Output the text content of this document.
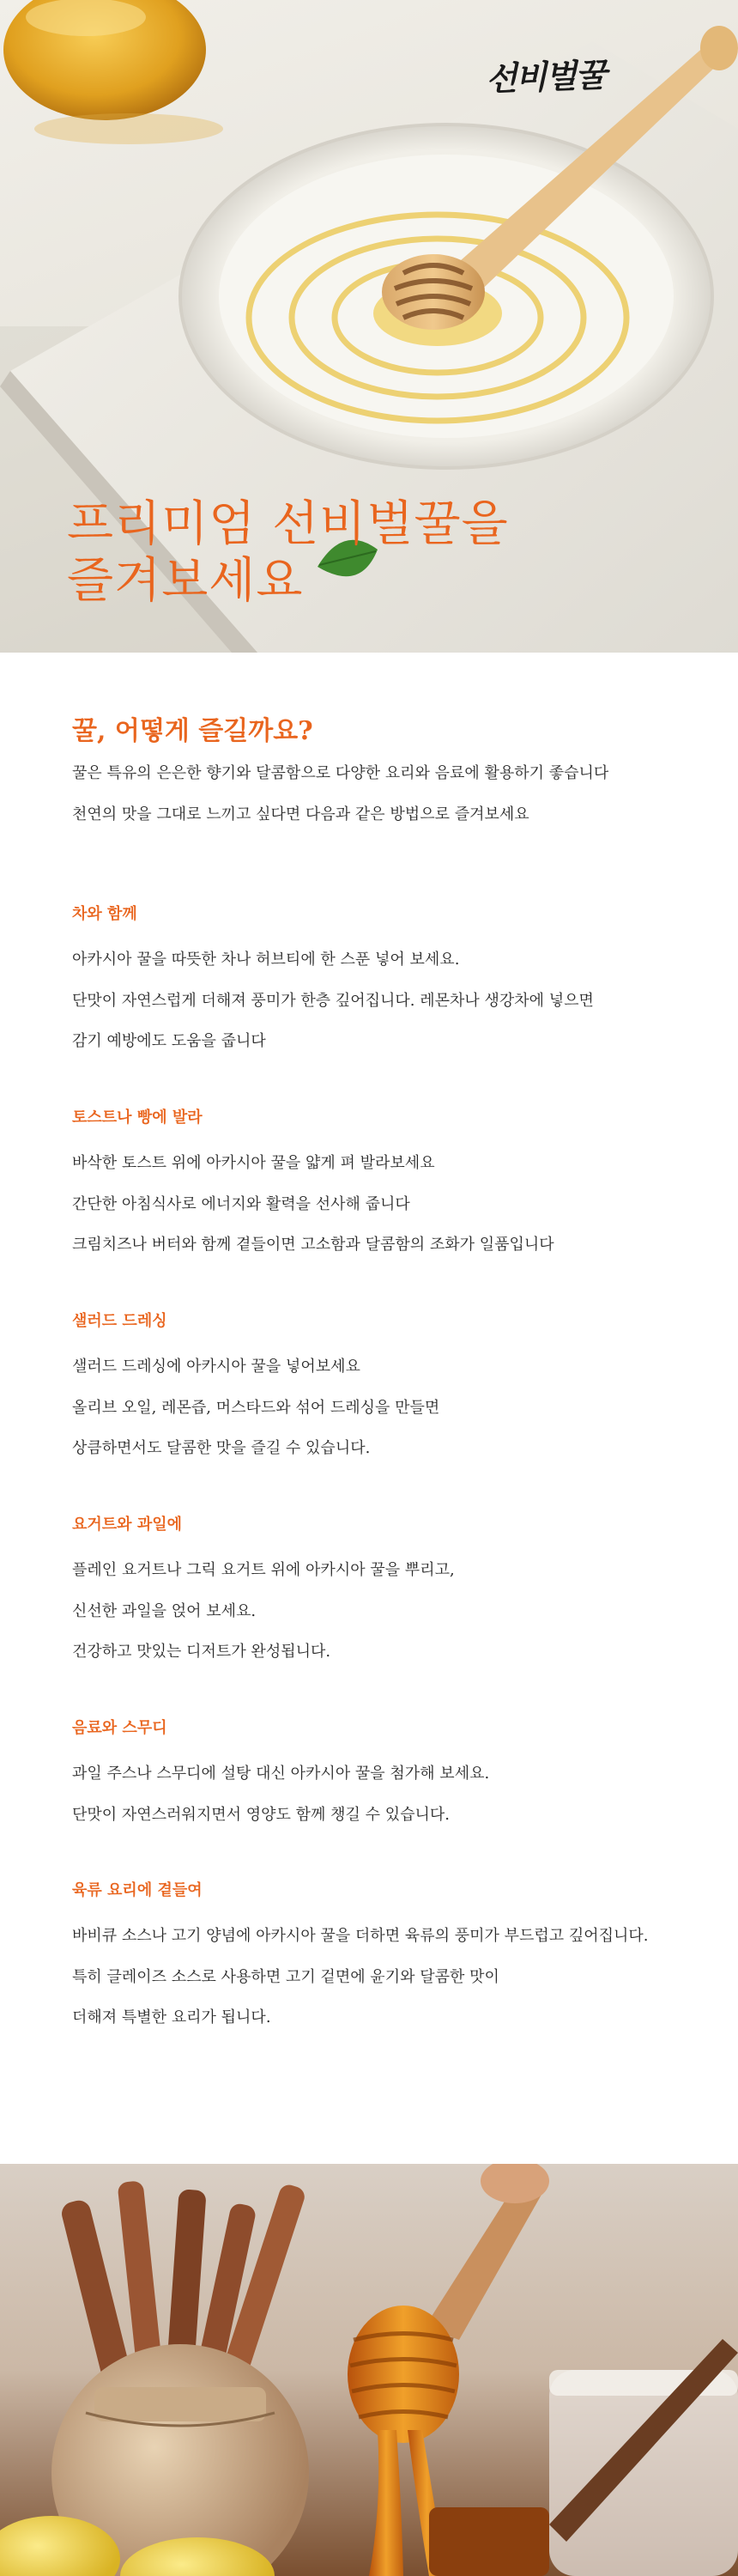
선비벌꿀
프리미엄 선비벌꿀을
즐겨보세요
꿀, 어떻게 즐길까요?

꿀은 특유의 은은한 향기와 달콤함으로 다양한 요리와 음료에 활용하기 좋습니다

천연의 맛을 그대로 느끼고 싶다면 다음과 같은 방법으로 즐겨보세요

차와 함께

아카시아 꿀을 따뜻한 차나 허브티에 한 스푼 넣어 보세요.

단맛이 자연스럽게 더해져 풍미가 한층 깊어집니다. 레몬차나 생강차에 넣으면

감기 예방에도 도움을 줍니다

토스트나 빵에 발라

바삭한 토스트 위에 아카시아 꿀을 얇게 펴 발라보세요

간단한 아침식사로 에너지와 활력을 선사해 줍니다

크림치즈나 버터와 함께 곁들이면 고소함과 달콤함의 조화가 일품입니다

샐러드 드레싱

샐러드 드레싱에 아카시아 꿀을 넣어보세요

올리브 오일, 레몬즙, 머스타드와 섞어 드레싱을 만들면

상큼하면서도 달콤한 맛을 즐길 수 있습니다.

요거트와 과일에

플레인 요거트나 그릭 요거트 위에 아카시아 꿀을 뿌리고,

신선한 과일을 얹어 보세요.

건강하고 맛있는 디저트가 완성됩니다.

음료와 스무디

과일 주스나 스무디에 설탕 대신 아카시아 꿀을 첨가해 보세요.

단맛이 자연스러워지면서 영양도 함께 챙길 수 있습니다.

육류 요리에 곁들여

바비큐 소스나 고기 양념에 아카시아 꿀을 더하면 육류의 풍미가 부드럽고 깊어집니다.

특히 글레이즈 소스로 사용하면 고기 겉면에 윤기와 달콤한 맛이

더해져 특별한 요리가 됩니다.
